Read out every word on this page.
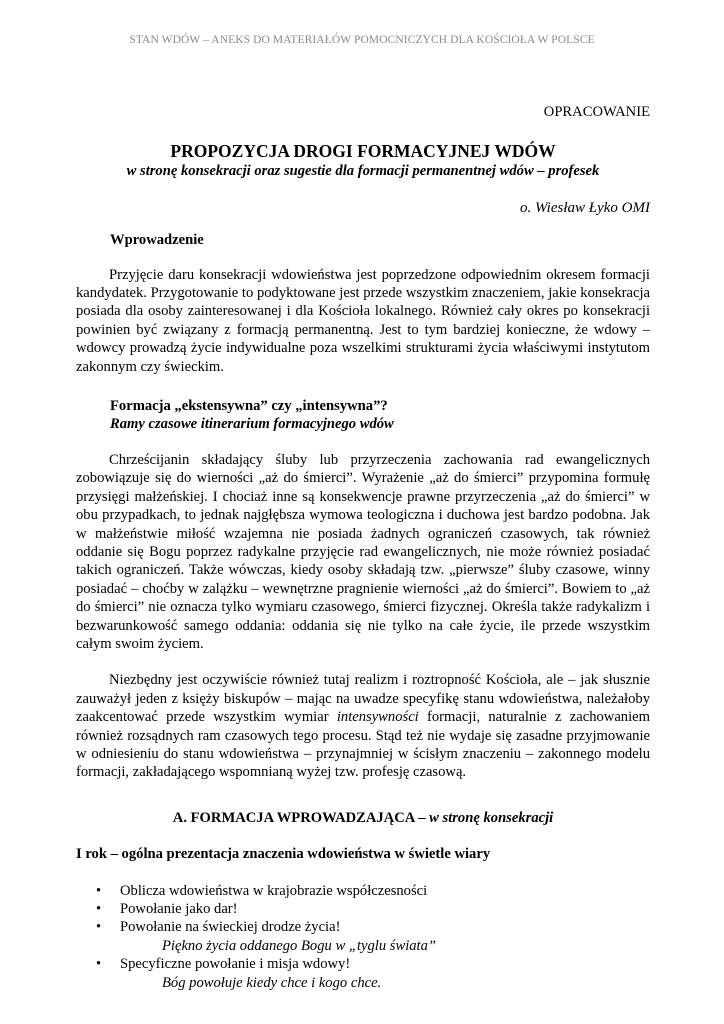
STAN WDÓW – ANEKS DO MATERIAŁÓW POMOCNICZYCH DLA KOŚCIOŁA W POLSCE
OPRACOWANIE
PROPOZYCJA DROGI FORMACYJNEJ WDÓW
w stronę konsekracji oraz sugestie dla formacji permanentnej wdów – profesek
o. Wiesław Łyko OMI
Wprowadzenie

Przyjęcie daru konsekracji wdowieństwa jest poprzedzone odpowiednim okresem formacji kandydatek. Przygotowanie to podyktowane jest przede wszystkim znaczeniem, jakie konsekracja posiada dla osoby zainteresowanej i dla Kościoła lokalnego. Również cały okres po konsekracji powinien być związany z formacją permanentną. Jest to tym bardziej konieczne, że wdowy – wdowcy prowadzą życie indywidualne poza wszelkimi strukturami życia właściwymi instytutom zakonnym czy świeckim.

Formacja „ekstensywna” czy „intensywna”?
Ramy czasowe itinerarium formacyjnego wdów

Chrześcijanin składający śluby lub przyrzeczenia zachowania rad ewangelicznych zobowiązuje się do wierności „aż do śmierci”. Wyrażenie „aż do śmierci” przypomina formułę przysięgi małżeńskiej. I chociaż inne są konsekwencje prawne przyrzeczenia „aż do śmierci” w obu przypadkach, to jednak najgłębsza wymowa teologiczna i duchowa jest bardzo podobna. Jak w małżeństwie miłość wzajemna nie posiada żadnych ograniczeń czasowych, tak również oddanie się Bogu poprzez radykalne przyjęcie rad ewangelicznych, nie może również posiadać takich ograniczeń. Także wówczas, kiedy osoby składają tzw. „pierwsze” śluby czasowe, winny posiadać – choćby w zalążku – wewnętrzne pragnienie wierności „aż do śmierci”. Bowiem to „aż do śmierci” nie oznacza tylko wymiaru czasowego, śmierci fizycznej. Określa także radykalizm i bezwarunkowość samego oddania: oddania się nie tylko na całe życie, ile przede wszystkim całym swoim życiem.

Niezbędny jest oczywiście również tutaj realizm i roztropność Kościoła, ale – jak słusznie zauważył jeden z księży biskupów – mając na uwadze specyfikę stanu wdowieństwa, należałoby zaakcentować przede wszystkim wymiar intensywności formacji, naturalnie z zachowaniem również rozsądnych ram czasowych tego procesu. Stąd też nie wydaje się zasadne przyjmowanie w odniesieniu do stanu wdowieństwa – przynajmniej w ścisłym znaczeniu – zakonnego modelu formacji, zakładającego wspomnianą wyżej tzw. profesję czasową.

A. FORMACJA WPROWADZAJĄCA – w stronę konsekracji
I rok – ogólna prezentacja znaczenia wdowieństwa w świetle wiary
• Oblicza wdowieństwa w krajobrazie współczesności
• Powołanie jako dar!
• Powołanie na świeckiej drodze życia!
Piękno życia oddanego Bogu w „tyglu świata”
• Specyficzne powołanie i misja wdowy!
Bóg powołuje kiedy chce i kogo chce.
